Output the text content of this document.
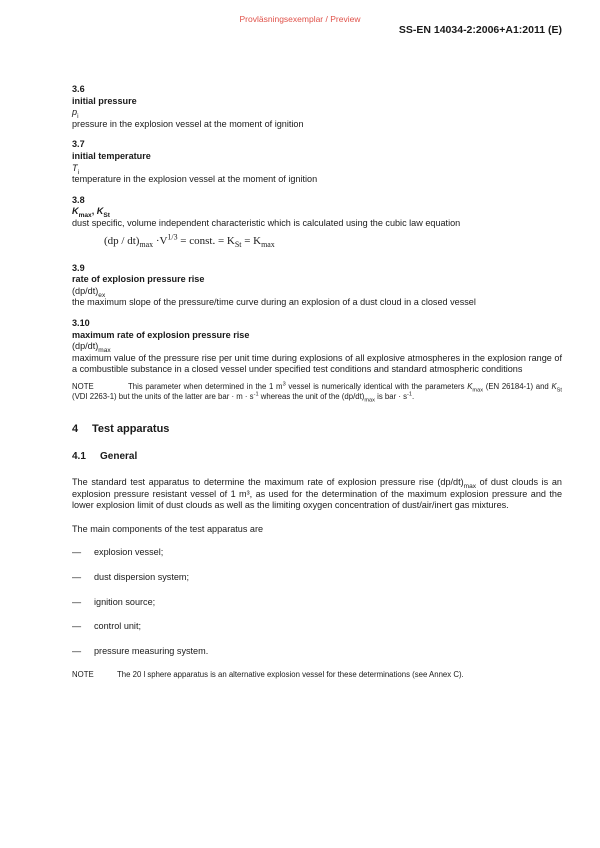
Provläsningsexemplar / Preview
SS-EN 14034-2:2006+A1:2011 (E)
3.6
initial pressure
$p_i$
pressure in the explosion vessel at the moment of ignition
3.7
initial temperature
$T_i$
temperature in the explosion vessel at the moment of ignition
3.8
$K_{max}$, $K_{St}$
dust specific, volume independent characteristic which is calculated using the cubic law equation
$(dp / dt)_{max} \cdot V^{1/3}$ = const. = $K_{St} = K_{max}$
3.9
rate of explosion pressure rise
$(dp/dt)_{ex}$
the maximum slope of the pressure/time curve during an explosion of a dust cloud in a closed vessel
3.10
maximum rate of explosion pressure rise
$(dp/dt)_{max}$
maximum value of the pressure rise per unit time during explosions of all explosive atmospheres in the explosion range of a combustible substance in a closed vessel under specified test conditions and standard atmospheric conditions
NOTE	This parameter when determined in the 1 $m^3$ vessel is numerically identical with the parameters $K_{max}$ (EN 26184-1) and $K_{St}$ (VDI 2263-1) but the units of the latter are bar · $m \cdot s^{-1}$ whereas the unit of the $(dp/dt)_{max}$ is bar · $s^{-1}$.
4 Test apparatus
4.1 General
The standard test apparatus to determine the maximum rate of explosion pressure rise $(dp/dt)_{max}$ of dust clouds is an explosion pressure resistant vessel of 1 m³, as used for the determination of the maximum explosion pressure and the lower explosion limit of dust clouds as well as the limiting oxygen concentration of dust/air/inert gas mixtures.
The main components of the test apparatus are
— explosion vessel;
— dust dispersion system;
— ignition source;
— control unit;
— pressure measuring system.
NOTE	The 20 l sphere apparatus is an alternative explosion vessel for these determinations (see Annex C).
